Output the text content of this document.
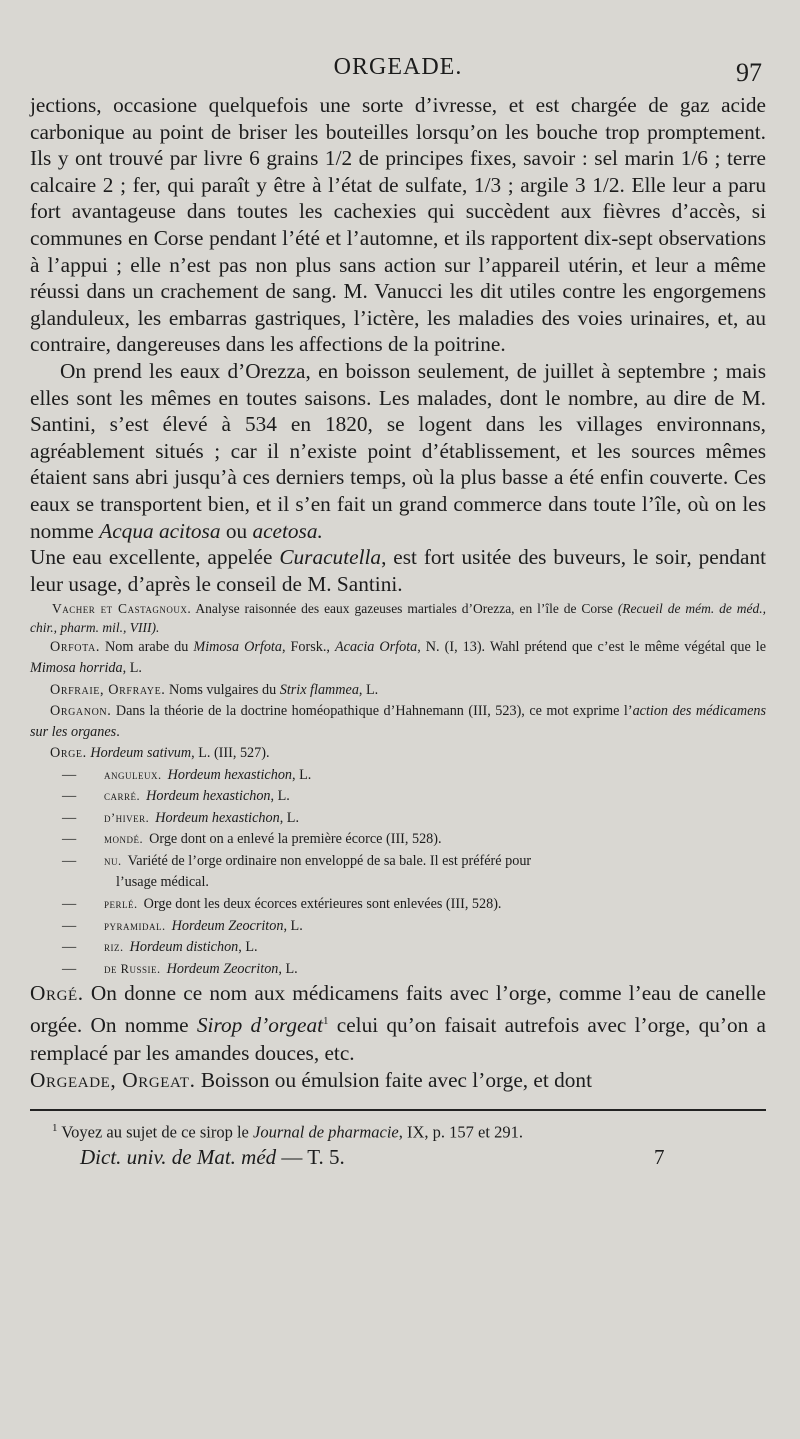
ORGEADE.	97

jections, occasione quelquefois une sorte d’ivresse, et est chargée de gaz acide carbonique au point de briser les bouteilles lorsqu’on les bouche trop promptement. Ils y ont trouvé par livre 6 grains 1/2 de principes fixes, savoir : sel marin 1/6 ; terre calcaire 2 ; fer, qui paraît y être à l’état de sulfate, 1/3 ; argile 3 1/2. Elle leur a paru fort avantageuse dans toutes les cachexies qui succèdent aux fièvres d’accès, si communes en Corse pendant l’été et l’automne, et ils rapportent dix-sept observations à l’appui ; elle n’est pas non plus sans action sur l’appareil utérin, et leur a même réussi dans un crachement de sang. M. Vanucci les dit utiles contre les engorgemens glanduleux, les embarras gastriques, l’ictère, les maladies des voies urinaires, et, au contraire, dangereuses dans les affections de la poitrine.

On prend les eaux d’Orezza, en boisson seulement, de juillet à septembre ; mais elles sont les mêmes en toutes saisons. Les malades, dont le nombre, au dire de M. Santini, s’est élevé à 534 en 1820, se logent dans les villages environnans, agréablement situés ; car il n’existe point d’établissement, et les sources mêmes étaient sans abri jusqu’à ces derniers temps, où la plus basse a été enfin couverte. Ces eaux se transportent bien, et il s’en fait un grand commerce dans toute l’île, où on les nomme Acqua acitosa ou acetosa.

Une eau excellente, appelée Curacutella, est fort usitée des buveurs, le soir, pendant leur usage, d’après le conseil de M. Santini.

Vacher et Castagnoux. Analyse raisonnée des eaux gazeuses martiales d’Orezza, en l’île de Corse (Recueil de mém. de méd., chir., pharm. mil., VIII).

Orfota. Nom arabe du Mimosa Orfota, Forsk., Acacia Orfota, N. (I, 13). Wahl prétend que c’est le même végétal que le Mimosa horrida, L.

Orfraie, Orfraye. Noms vulgaires du Strix flammea, L.

Organon. Dans la théorie de la doctrine homéopathique d’Hahnemann (III, 523), ce mot exprime l’action des médicamens sur les organes.

Orge. Hordeum sativum, L. (III, 527).

—	anguleux. Hordeum hexastichon, L.

—	carré. Hordeum hexastichon, L.

—	d’hiver. Hordeum hexastichon, L.

—	mondé. Orge dont on a enlevé la première écorce (III, 528).

—	nu. Variété de l’orge ordinaire non enveloppé de sa bale. Il est préféré pour
l’usage médical.

—	perlé. Orge dont les deux écorces extérieures sont enlevées (III, 528).

—	pyramidal. Hordeum Zeocriton, L.

—	riz. Hordeum distichon, L.

—	de Russie. Hordeum Zeocriton, L.

Orgé. On donne ce nom aux médicamens faits avec l’orge, comme l’eau de canelle orgée. On nomme Sirop d’orgeat$^1$ celui qu’on faisait autrefois avec l’orge, qu’on a remplacé par les amandes douces, etc.

Orgeade, Orgeat. Boisson ou émulsion faite avec l’orge, et dont

$^1$ Voyez au sujet de ce sirop le Journal de pharmacie, IX, p. 157 et 291.

Dict. univ. de Mat. méd — T. 5.	7
